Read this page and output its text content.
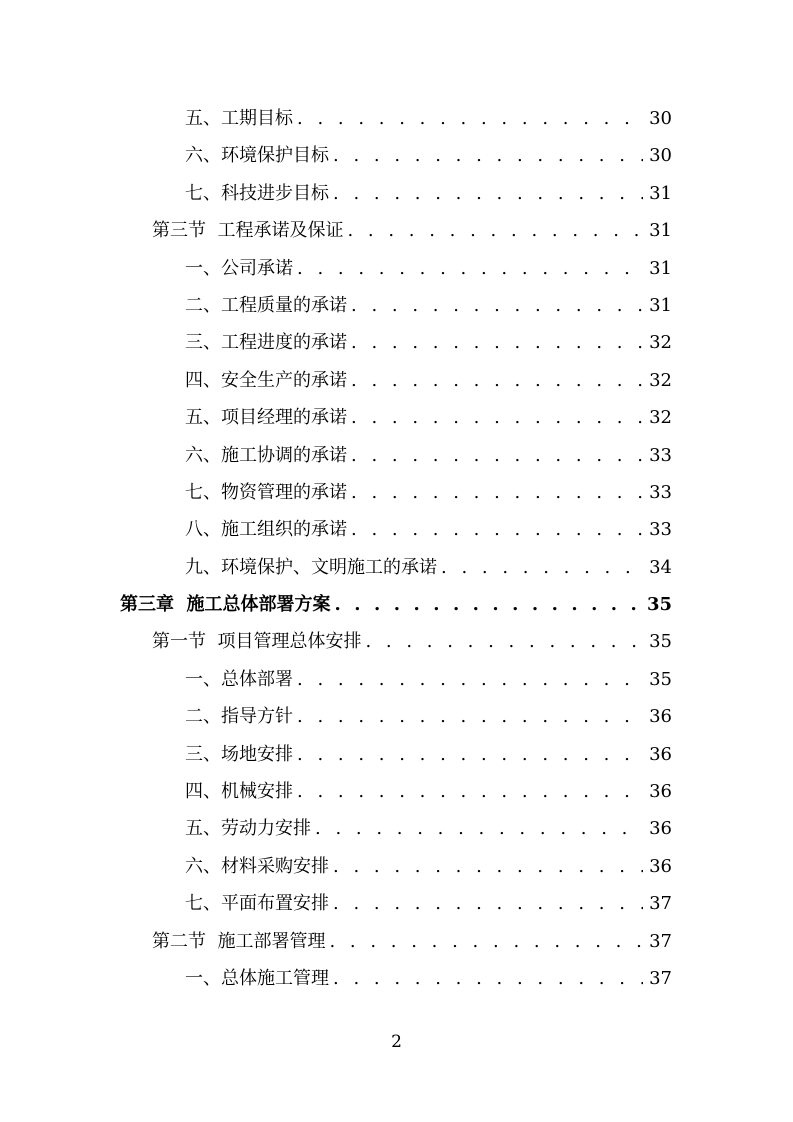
五、工期目标 . . .	30
六、环境保护目标 . . .	30
七、科技进步目标 . . .	31
第三节  工程承诺及保证 . . .	31
一、公司承诺 . . .	31
二、工程质量的承诺 . . .	31
三、工程进度的承诺 . . .	32
四、安全生产的承诺 . . .	32
五、项目经理的承诺 . . .	32
六、施工协调的承诺 . . .	33
七、物资管理的承诺 . . .	33
八、施工组织的承诺 . . .	33
九、环境保护、文明施工的承诺 . . .	34
第三章  施工总体部署方案 . . .	35
第一节  项目管理总体安排 . . .	35
一、总体部署 . . .	35
二、指导方针 . . .	36
三、场地安排 . . .	36
四、机械安排 . . .	36
五、劳动力安排 . . .	36
六、材料采购安排 . . .	36
七、平面布置安排 . . .	37
第二节  施工部署管理 . . .	37
一、总体施工管理 . . .	37
2
